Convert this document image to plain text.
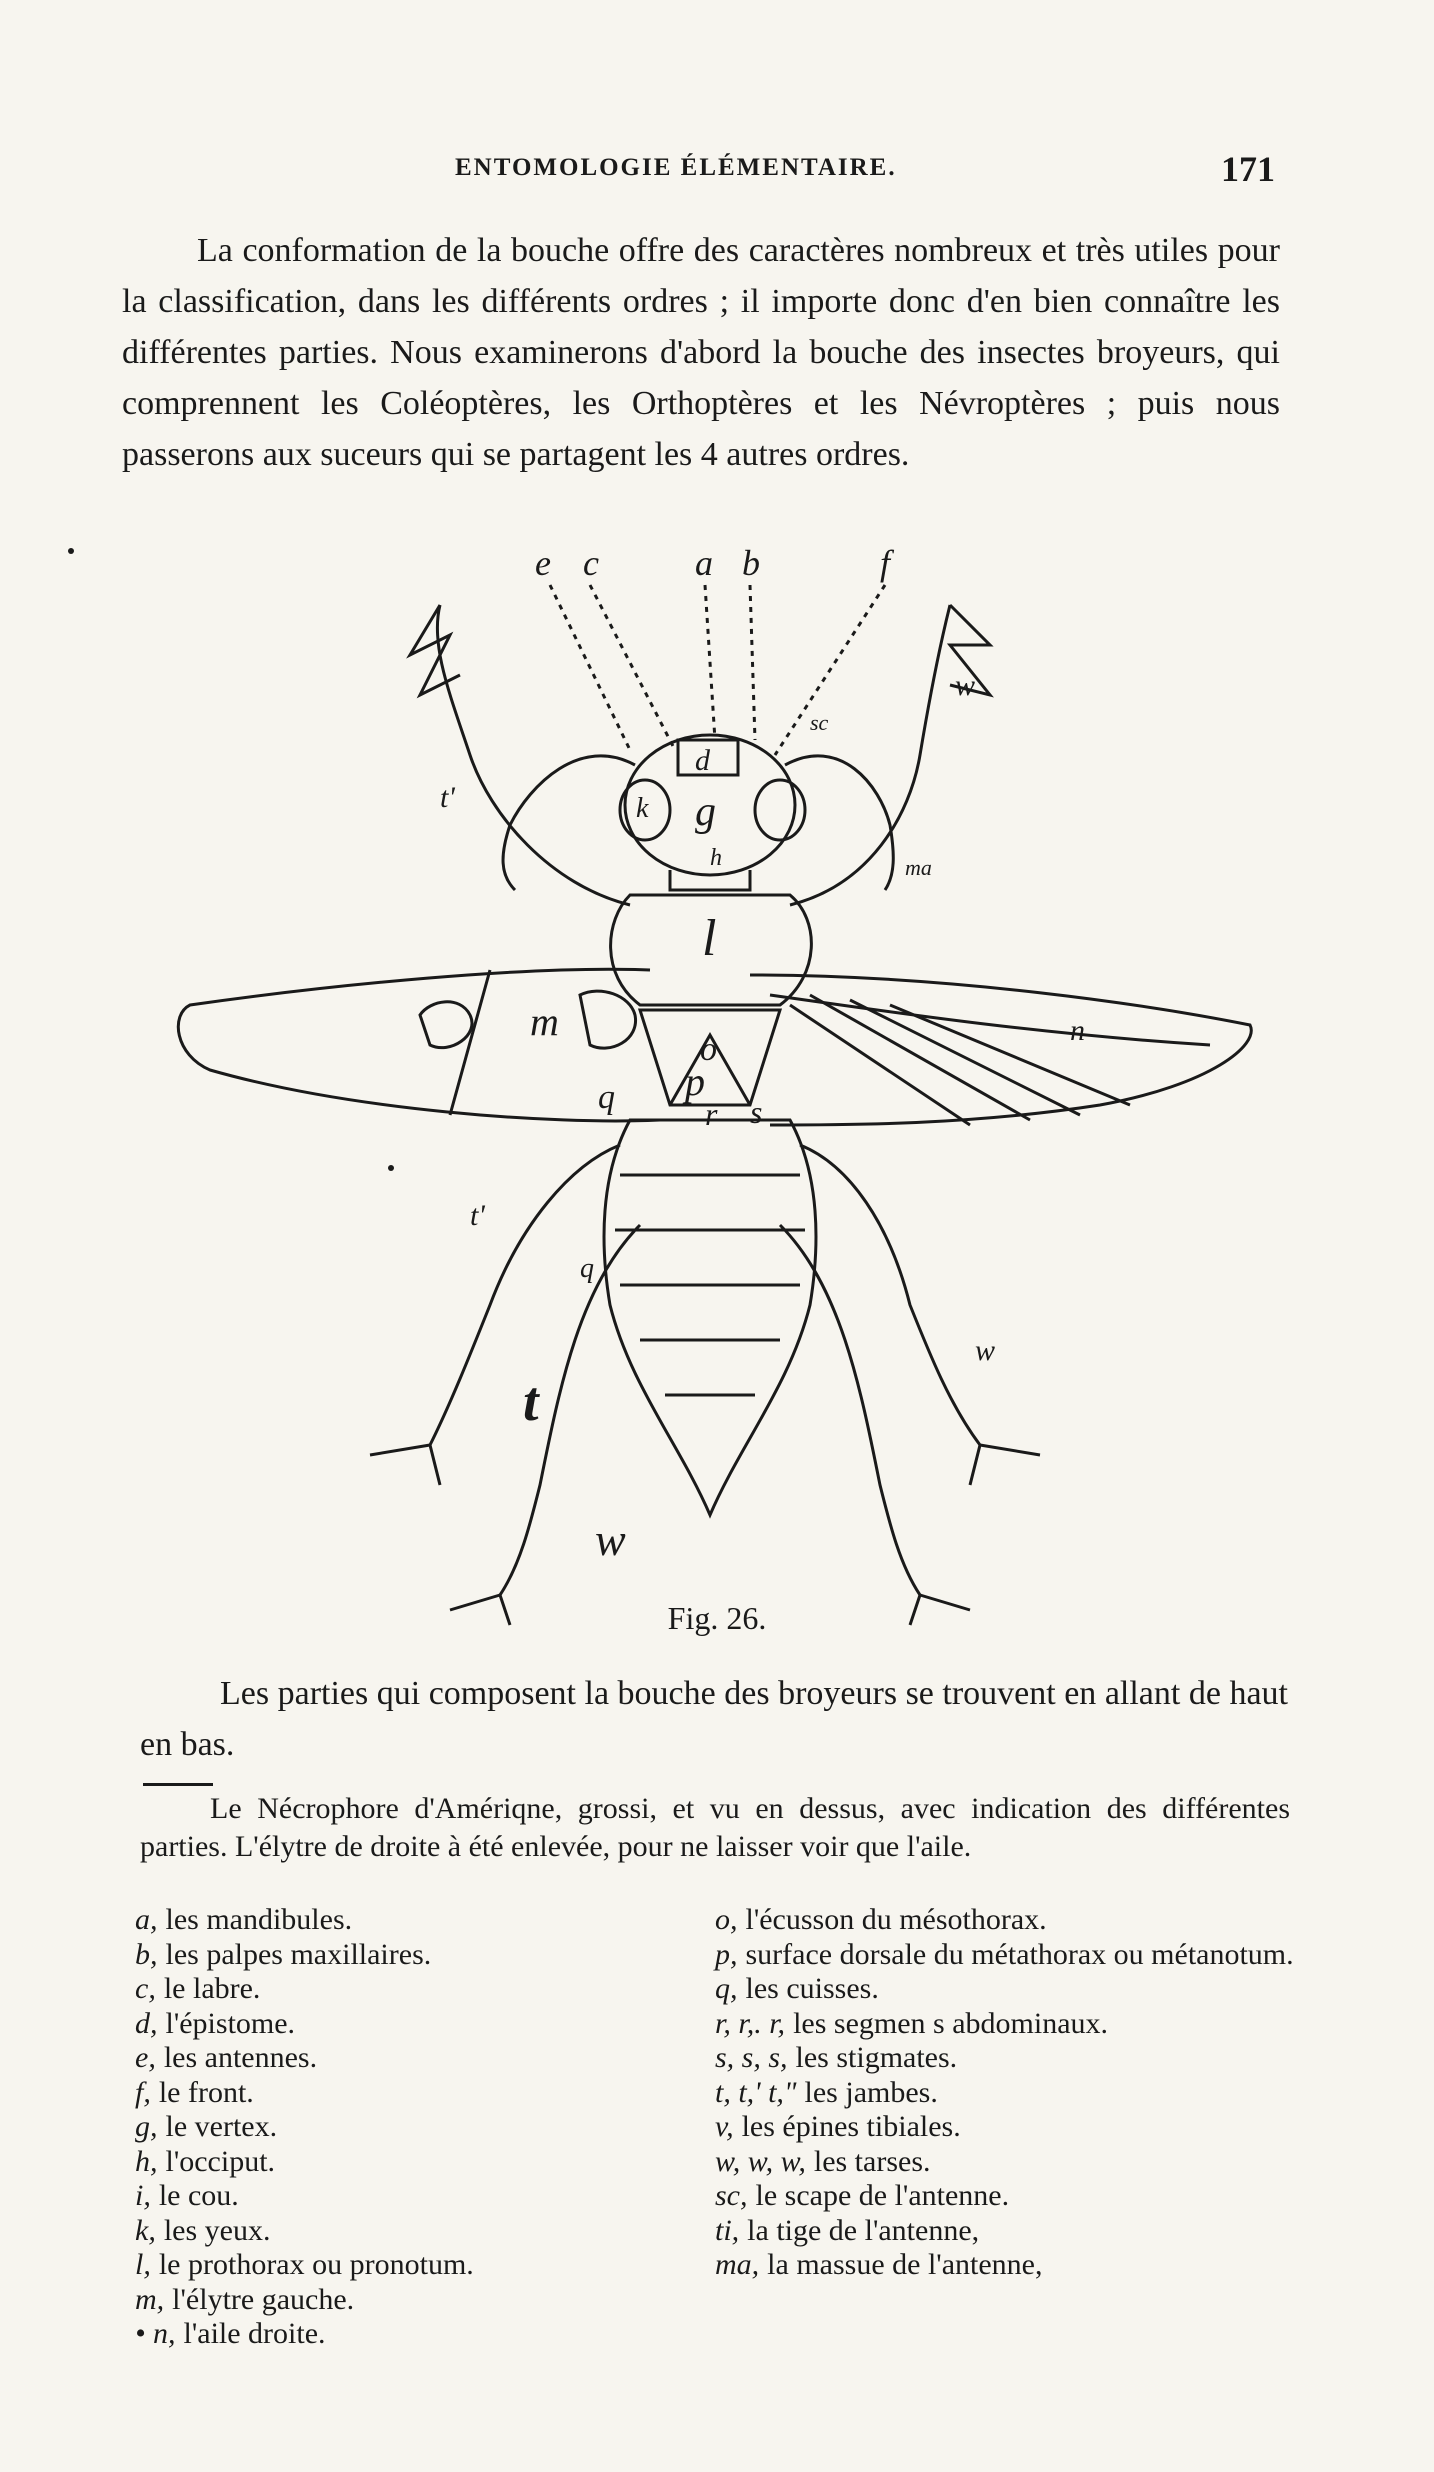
ENTOMOLOGIE ÉLÉMENTAIRE.	171

La conformation de la bouche offre des caractères nombreux et très utiles pour la classification, dans les différents ordres ; il importe donc d'en bien connaître les différentes parties. Nous examinerons d'abord la bouche des insectes broyeurs, qui comprennent les Coléoptères, les Orthoptères et les Névroptères ; puis nous passerons aux suceurs qui se partagent les 4 autres ordres.

e c	a b	f
w
sc
t'
ma
d
g
h
k
l
m	n
o
p
q	r s
t'
q
w
t
w
Fig. 26.

Les parties qui composent la bouche des broyeurs se trouvent en allant de haut en bas.

Le Nécrophore d'Amériqne, grossi, et vu en dessus, avec indication des différentes parties. L'élytre de droite à été enlevée, pour ne laisser voir que l'aile.

a, les mandibules.
b, les palpes maxillaires.
c, le labre.
d, l'épistome.
e, les antennes.
f, le front.
g, le vertex.
h, l'occiput.
i, le cou.
k, les yeux.
l, le prothorax ou pronotum.
m, l'élytre gauche.
• n, l'aile droite.
o, l'écusson du mésothorax.
p, surface dorsale du métathorax ou métanotum.
q, les cuisses.
r, r,. r, les segmen s abdominaux.
s, s, s, les stigmates.
t, t,' t," les jambes.
v, les épines tibiales.
w, w, w, les tarses.
sc, le scape de l'antenne.
ti, la tige de l'antenne,
ma, la massue de l'antenne,
